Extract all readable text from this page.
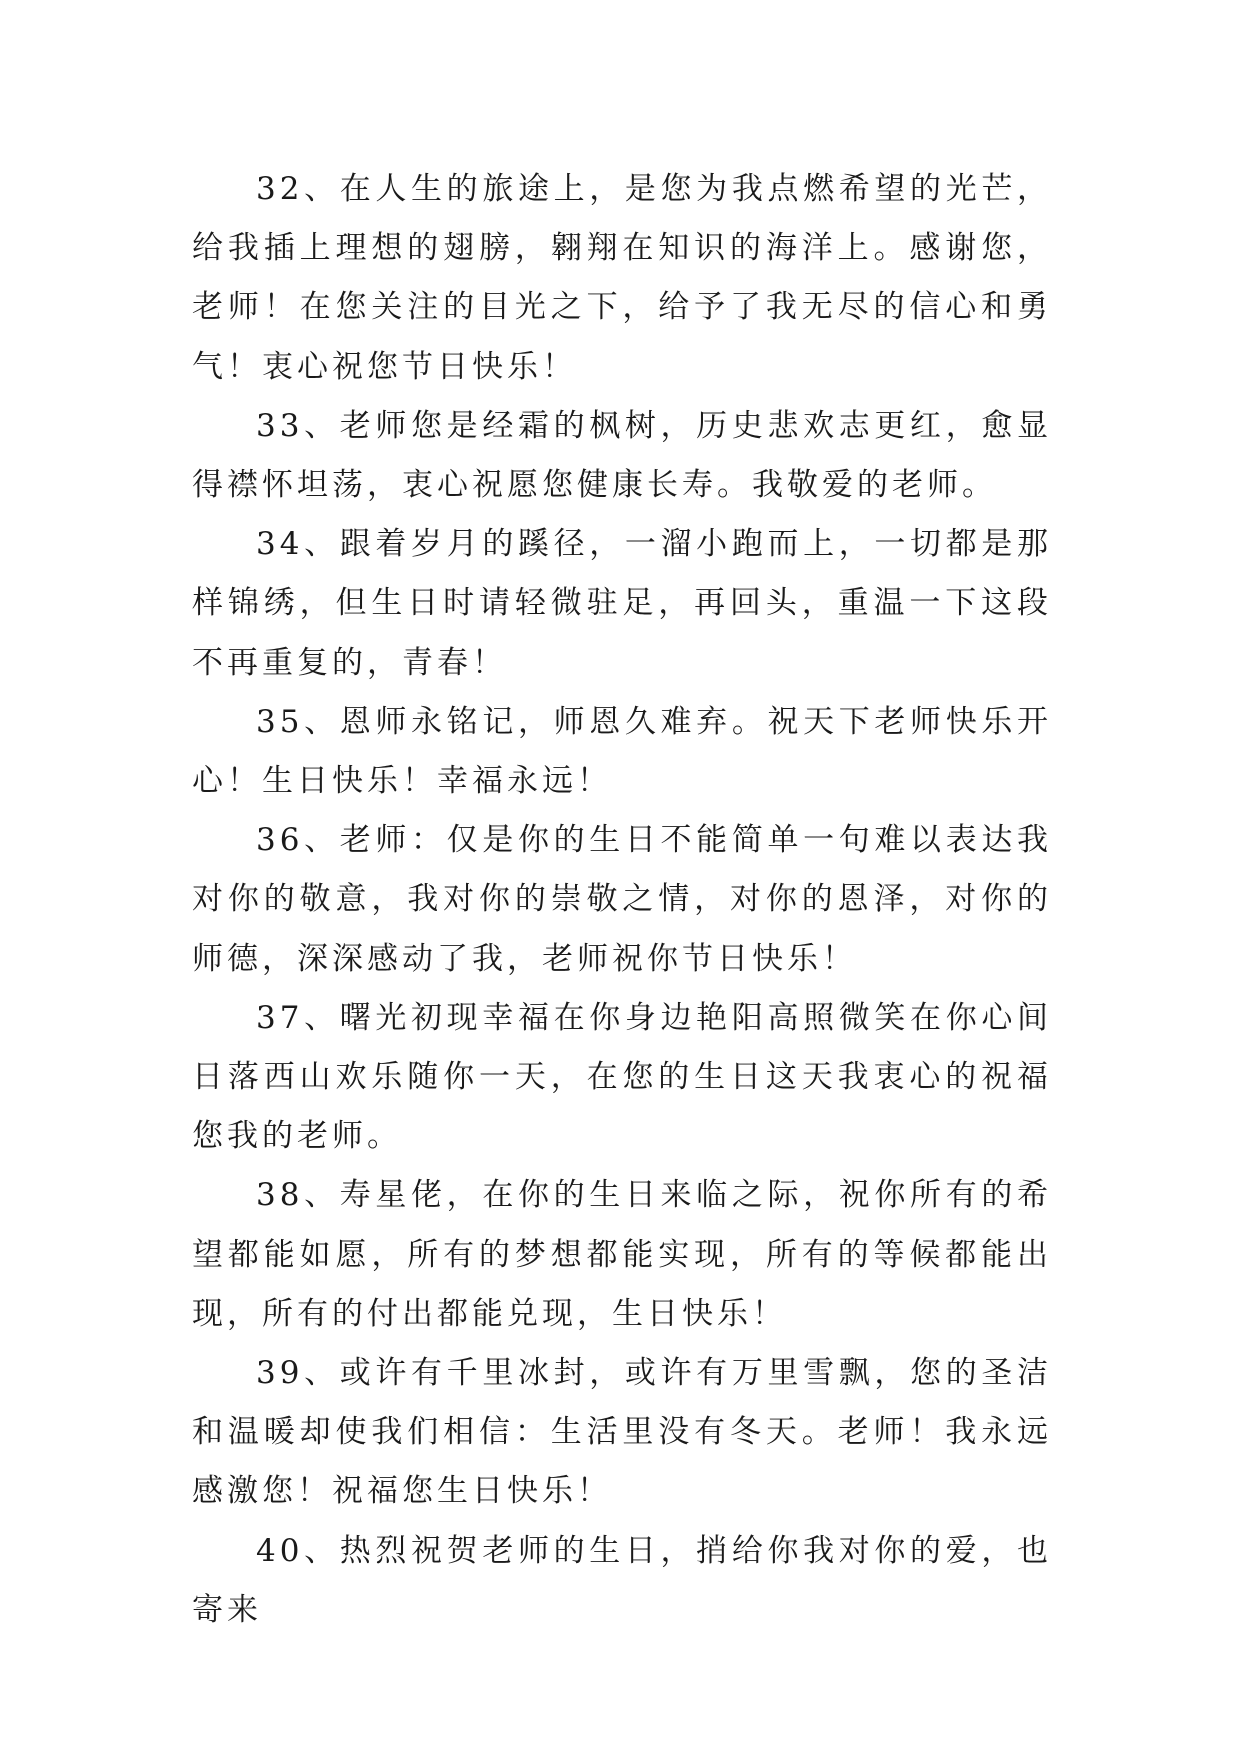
32、在人生的旅途上，是您为我点燃希望的光芒，给我插上理想的翅膀，翱翔在知识的海洋上。感谢您，老师！在您关注的目光之下，给予了我无尽的信心和勇气！衷心祝您节日快乐！

33、老师您是经霜的枫树，历史悲欢志更红，愈显得襟怀坦荡，衷心祝愿您健康长寿。我敬爱的老师。

34、跟着岁月的蹊径，一溜小跑而上，一切都是那样锦绣，但生日时请轻微驻足，再回头，重温一下这段不再重复的，青春！

35、恩师永铭记，师恩久难弃。祝天下老师快乐开心！生日快乐！幸福永远！

36、老师：仅是你的生日不能简单一句难以表达我对你的敬意，我对你的崇敬之情，对你的恩泽，对你的师德，深深感动了我，老师祝你节日快乐！

37、曙光初现幸福在你身边艳阳高照微笑在你心间日落西山欢乐随你一天，在您的生日这天我衷心的祝福您我的老师。

38、寿星佬，在你的生日来临之际，祝你所有的希望都能如愿，所有的梦想都能实现，所有的等候都能出现，所有的付出都能兑现，生日快乐！

39、或许有千里冰封，或许有万里雪飘，您的圣洁和温暖却使我们相信：生活里没有冬天。老师！我永远感激您！祝福您生日快乐！

40、热烈祝贺老师的生日，捎给你我对你的爱，也寄来
